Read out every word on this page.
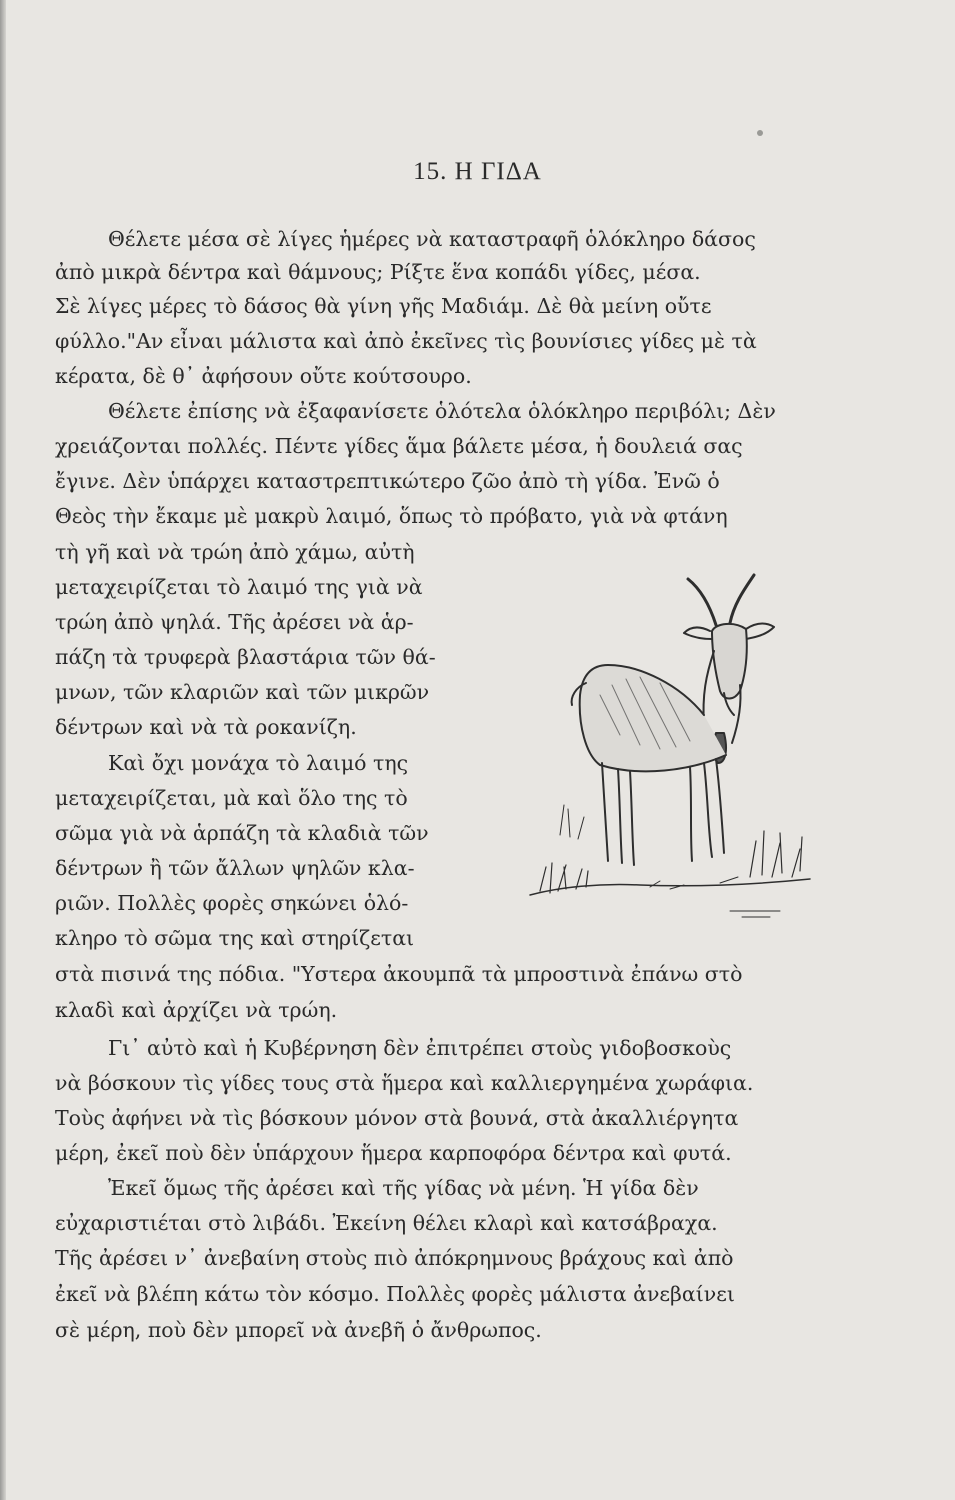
15. Η ΓΙΔΑ
Θέλετε μέσα σὲ λίγες ἡμέρες νὰ καταστραφῆ ὁλόκληρο δάσος
ἀπὸ μικρὰ δέντρα καὶ θάμνους; Ρίξτε ἕνα κοπάδι γίδες, μέσα.
Σὲ λίγες μέρες τὸ δάσος θὰ γίνη γῆς Μαδιάμ. Δὲ θὰ μείνη οὔτε
φύλλο."Αν εἶναι μάλιστα καὶ ἀπὸ ἐκεῖνες τὶς βουνίσιες γίδες μὲ τὰ
κέρατα, δὲ θ᾽ ἀφήσουν οὔτε κούτσουρο.
Θέλετε ἐπίσης νὰ ἐξαφανίσετε ὁλότελα ὁλόκληρο περιβόλι; Δὲν
χρειάζονται πολλές. Πέντε γίδες ἅμα βάλετε μέσα, ἡ δουλειά σας
ἔγινε. Δὲν ὑπάρχει καταστρεπτικώτερο ζῶο ἀπὸ τὴ γίδα. Ἐνῶ ὁ
Θεὸς τὴν ἔκαμε μὲ μακρὺ λαιμό, ὅπως τὸ πρόβατο, γιὰ νὰ φτάνη
τὴ γῆ καὶ νὰ τρώη ἀπὸ χάμω, αὐτὴ
μεταχειρίζεται τὸ λαιμό της γιὰ νὰ
τρώη ἀπὸ ψηλά. Τῆς ἀρέσει νὰ ἁρ-
πάζη τὰ τρυφερὰ βλαστάρια τῶν θά-
μνων, τῶν κλαριῶν καὶ τῶν μικρῶν
δέντρων καὶ νὰ τὰ ροκανίζη.
Καὶ ὄχι μονάχα τὸ λαιμό της
μεταχειρίζεται, μὰ καὶ ὅλο της τὸ
σῶμα γιὰ νὰ ἁρπάζη τὰ κλαδιὰ τῶν
δέντρων ἢ τῶν ἄλλων ψηλῶν κλα-
ριῶν. Πολλὲς φορὲς σηκώνει ὁλό-
κληρο τὸ σῶμα της καὶ στηρίζεται
στὰ πισινά της πόδια. "Υστερα ἀκουμπᾶ τὰ μπροστινὰ ἐπάνω στὸ
κλαδὶ καὶ ἀρχίζει νὰ τρώη.
Γι᾽ αὐτὸ καὶ ἡ Κυβέρνηση δὲν ἐπιτρέπει στοὺς γιδοβοσκοὺς
νὰ βόσκουν τὶς γίδες τους στὰ ἥμερα καὶ καλλιεργημένα χωράφια.
Τοὺς ἀφήνει νὰ τὶς βόσκουν μόνον στὰ βουνά, στὰ ἀκαλλιέργητα
μέρη, ἐκεῖ ποὺ δὲν ὑπάρχουν ἥμερα καρποφόρα δέντρα καὶ φυτά.
Ἐκεῖ ὅμως τῆς ἀρέσει καὶ τῆς γίδας νὰ μένη. Ἡ γίδα δὲν
εὐχαριστιέται στὸ λιβάδι. Ἐκείνη θέλει κλαρὶ καὶ κατσάβραχα.
Τῆς ἀρέσει ν᾽ ἀνεβαίνη στοὺς πιὸ ἀπόκρημνους βράχους καὶ ἀπὸ
ἐκεῖ νὰ βλέπη κάτω τὸν κόσμο. Πολλὲς φορὲς μάλιστα ἀνεβαίνει
σὲ μέρη, ποὺ δὲν μπορεῖ νὰ ἀνεβῆ ὁ ἄνθρωπος.
